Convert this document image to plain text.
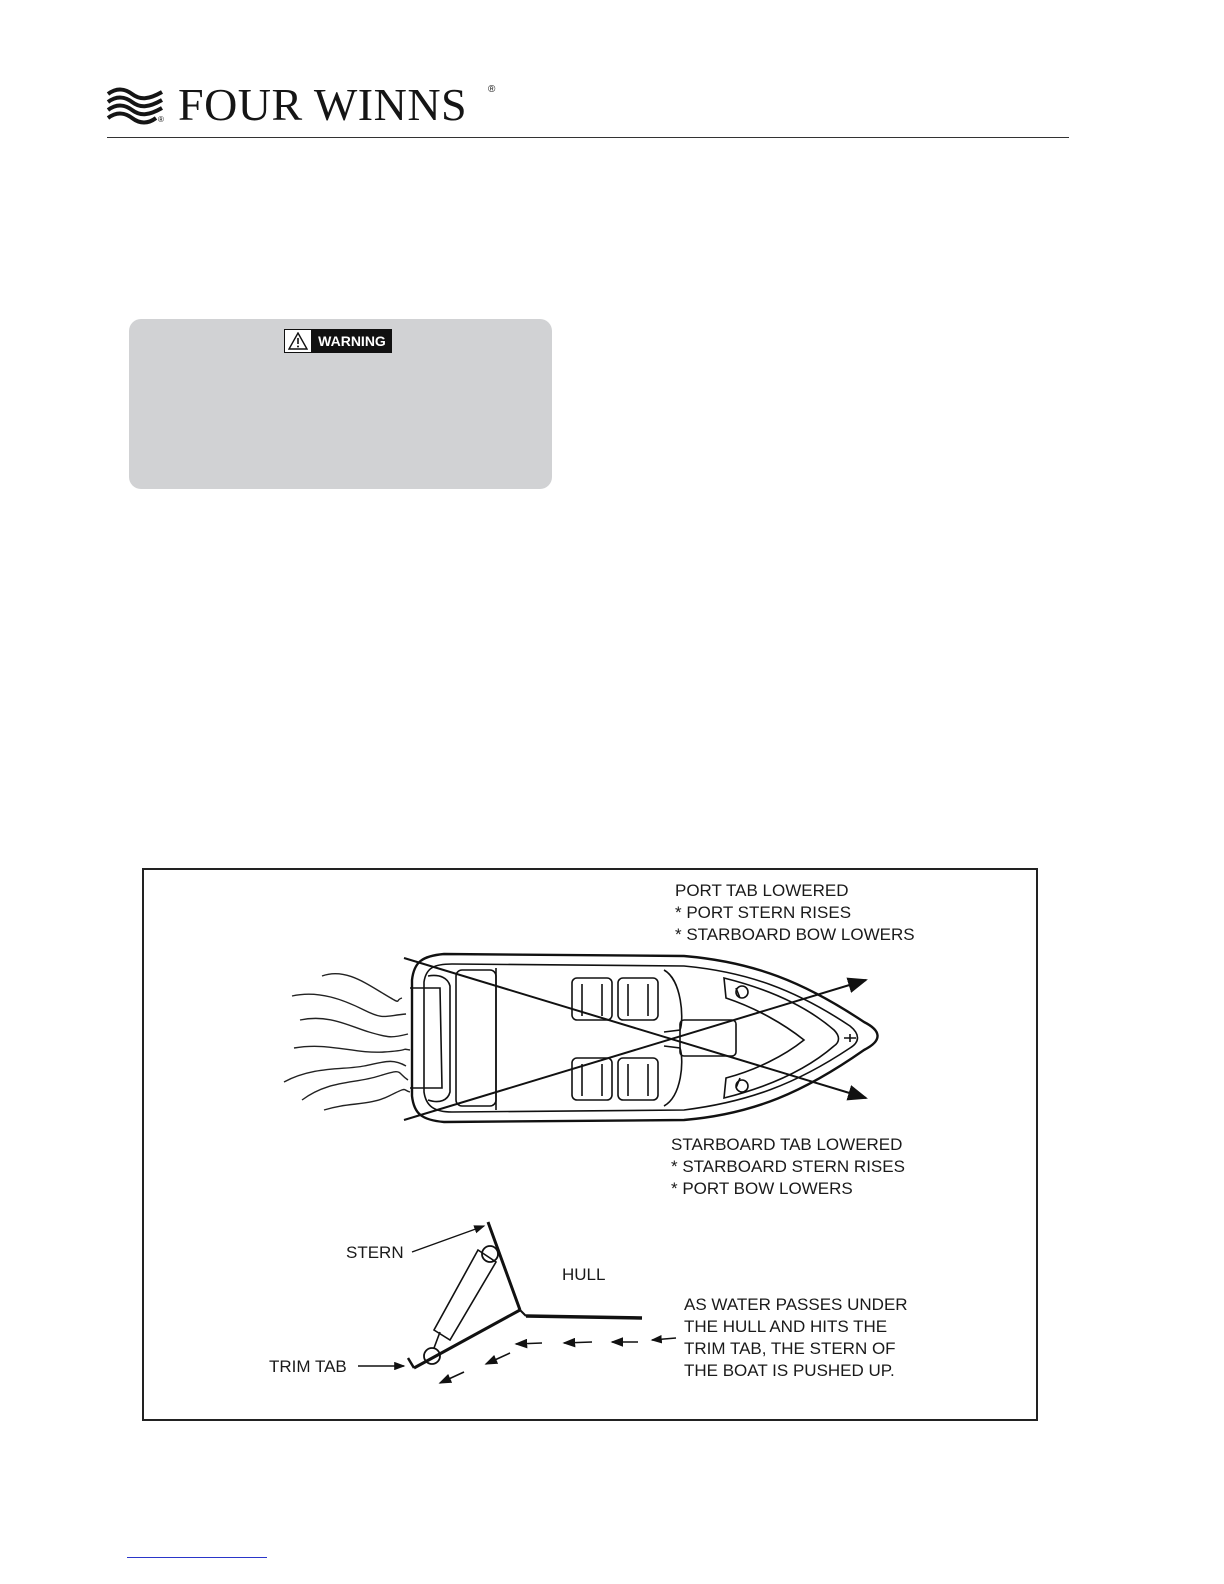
® FOUR WINNS ®
WARNING
PORT TAB LOWERED
* PORT STERN RISES
* STARBOARD BOW LOWERS
STARBOARD TAB LOWERED
* STARBOARD STERN RISES
* PORT BOW LOWERS
STERN
HULL
TRIM TAB
AS WATER PASSES UNDER
THE HULL AND HITS THE
TRIM TAB, THE STERN OF
THE BOAT IS PUSHED UP.
